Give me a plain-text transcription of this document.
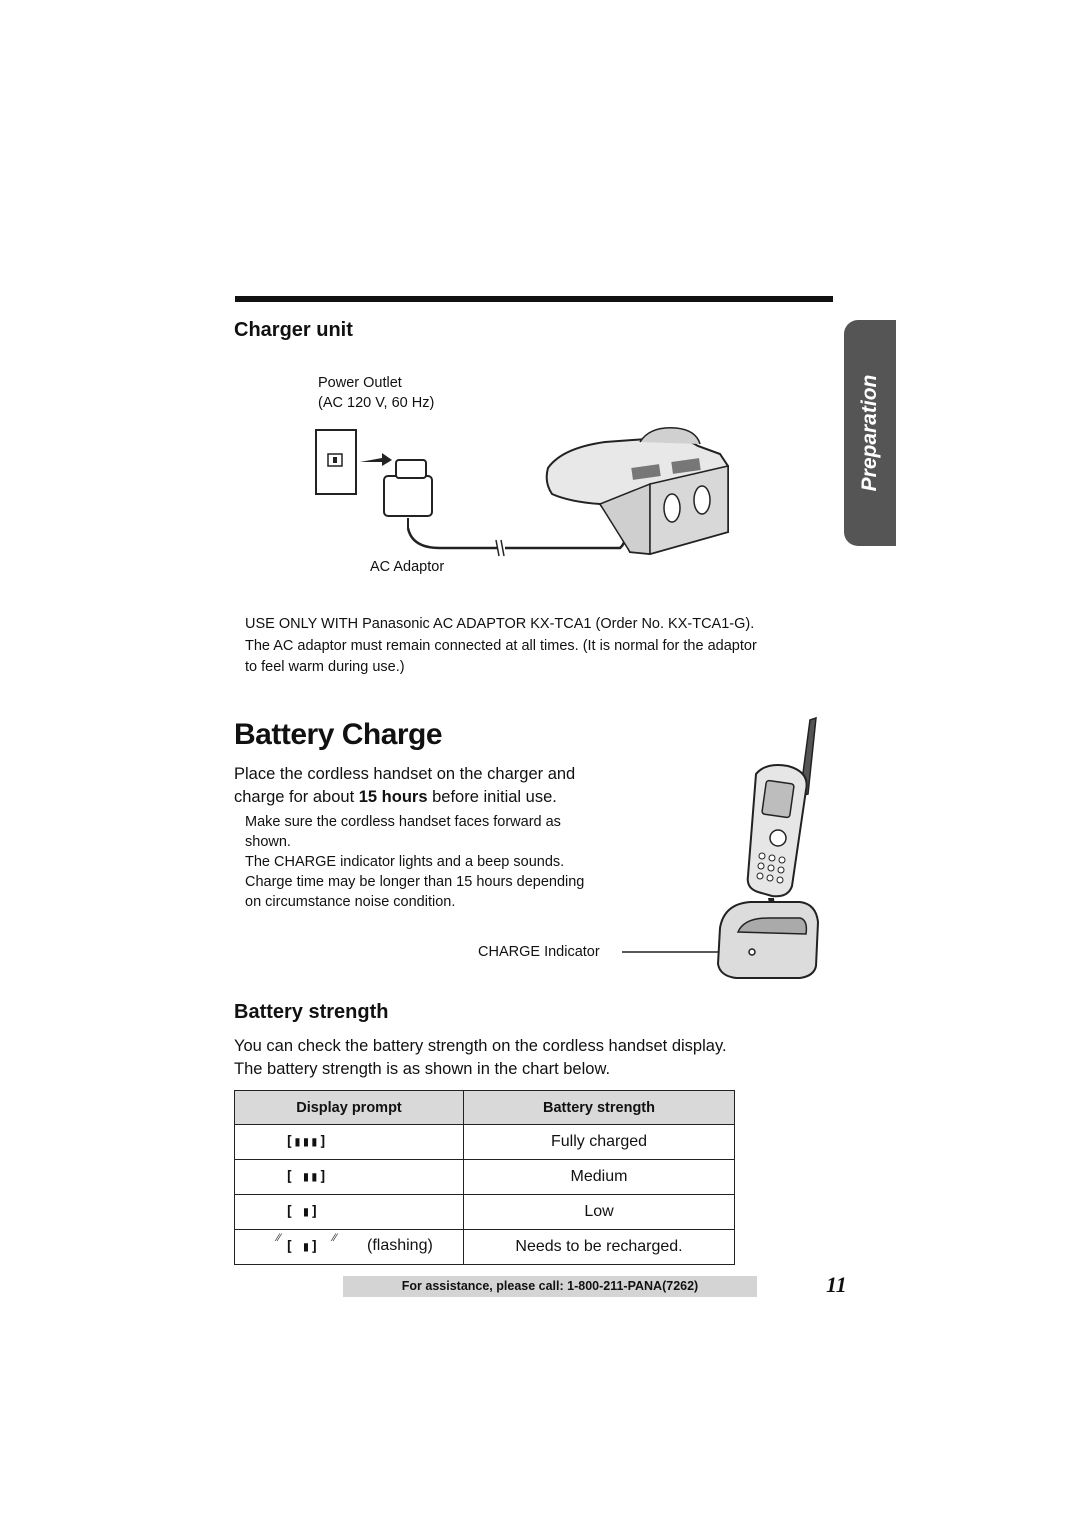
Charger unit
Preparation
Power Outlet
(AC 120 V, 60 Hz)
AC Adaptor
USE ONLY WITH Panasonic AC ADAPTOR KX-TCA1 (Order No. KX-TCA1-G).
The AC adaptor must remain connected at all times. (It is normal for the adaptor
to feel warm during use.)
Battery Charge
Place the cordless handset on the charger and
charge for about 15 hours before initial use.
Make sure the cordless handset faces forward as
shown.
The CHARGE indicator lights and a beep sounds.
Charge time may be longer than 15 hours depending
on circumstance noise condition.
CHARGE Indicator
Battery strength
You can check the battery strength on the cordless handset display.
The battery strength is as shown in the chart below.
Display prompt	Battery strength

[▮▮▮]	Fully charged

[ ▮▮]	Medium

[ ▮]	Low

⁄⁄
[ ▮]
⁄⁄ (flashing)	Needs to be recharged.
For assistance, please call: 1-800-211-PANA(7262)	11
